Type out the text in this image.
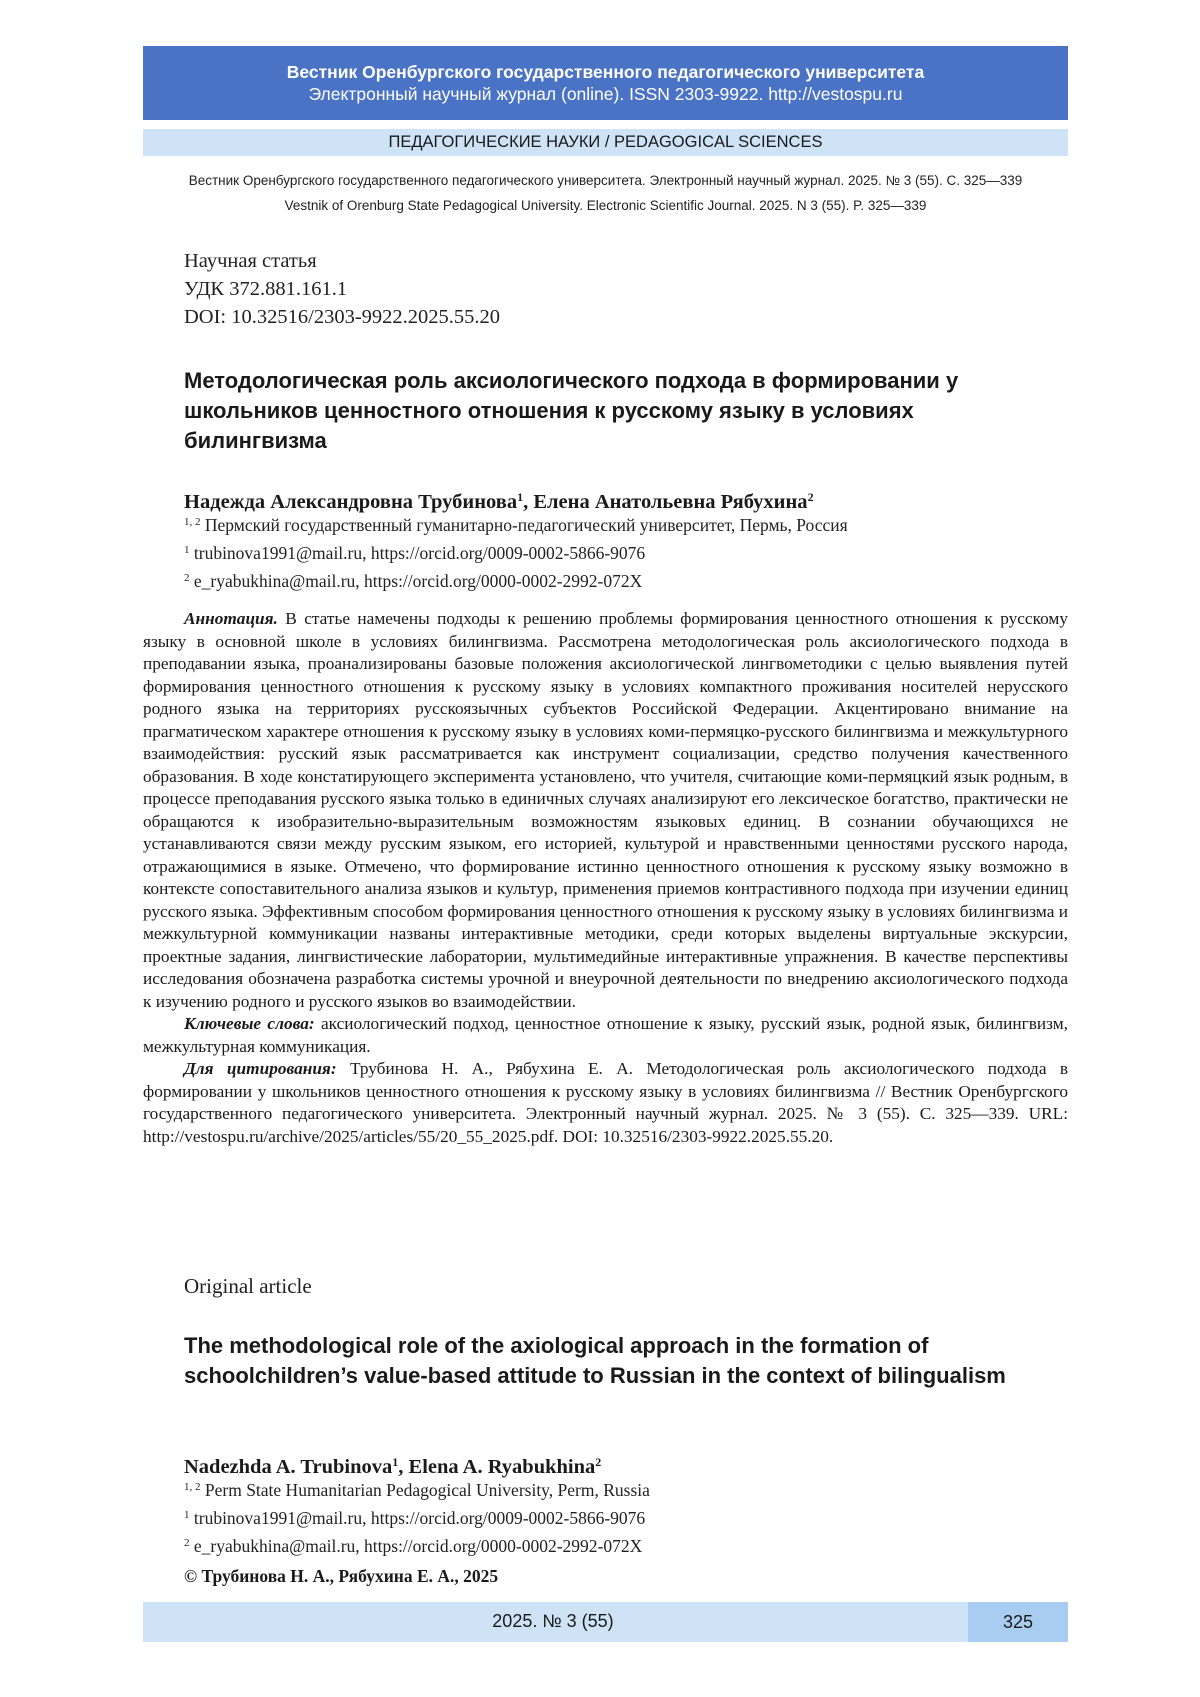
Вестник Оренбургского государственного педагогического университета
Электронный научный журнал (online). ISSN 2303-9922. http://vestospu.ru
ПЕДАГОГИЧЕСКИЕ НАУКИ / PEDAGOGICAL SCIENCES
Вестник Оренбургского государственного педагогического университета. Электронный научный журнал. 2025. № 3 (55). С. 325—339
Vestnik of Orenburg State Pedagogical University. Electronic Scientific Journal. 2025. N 3 (55). P. 325—339
Научная статья
УДК 372.881.161.1
DOI: 10.32516/2303-9922.2025.55.20
Методологическая роль аксиологического подхода в формировании у школьников ценностного отношения к русскому языку в условиях билингвизма
Надежда Александровна Трубинова$^1$, Елена Анатольевна Рябухина$^2$
$^{1, 2}$ Пермский государственный гуманитарно-педагогический университет, Пермь, Россия
$^1$ trubinova1991@mail.ru, https://orcid.org/0009-0002-5866-9076
$^2$ e_ryabukhina@mail.ru, https://orcid.org/0000-0002-2992-072X

Аннотация. В статье намечены подходы к решению проблемы формирования ценностного отношения к русскому языку в основной школе в условиях билингвизма. Рассмотрена методологическая роль аксиологического подхода в преподавании языка, проанализированы базовые положения аксиологической лингвометодики с целью выявления путей формирования ценностного отношения к русскому языку в условиях компактного проживания носителей нерусского родного языка на территориях русскоязычных субъектов Российской Федерации. Акцентировано внимание на прагматическом характере отношения к русскому языку в условиях коми-пермяцко-русского билингвизма и межкультурного взаимодействия: русский язык рассматривается как инструмент социализации, средство получения качественного образования. В ходе констатирующего эксперимента установлено, что учителя, считающие коми-пермяцкий язык родным, в процессе преподавания русского языка только в единичных случаях анализируют его лексическое богатство, практически не обращаются к изобразительно-выразительным возможностям языковых единиц. В сознании обучающихся не устанавливаются связи между русским языком, его историей, культурой и нравственными ценностями русского народа, отражающимися в языке. Отмечено, что формирование истинно ценностного отношения к русскому языку возможно в контексте сопоставительного анализа языков и культур, применения приемов контрастивного подхода при изучении единиц русского языка. Эффективным способом формирования ценностного отношения к русскому языку в условиях билингвизма и межкультурной коммуникации названы интерактивные методики, среди которых выделены виртуальные экскурсии, проектные задания, лингвистические лаборатории, мультимедийные интерактивные упражнения. В качестве перспективы исследования обозначена разработка системы урочной и внеурочной деятельности по внедрению аксиологического подхода к изучению родного и русского языков во взаимодействии.

Ключевые слова: аксиологический подход, ценностное отношение к языку, русский язык, родной язык, билингвизм, межкультурная коммуникация.

Для цитирования: Трубинова Н. А., Рябухина Е. А. Методологическая роль аксиологического подхода в формировании у школьников ценностного отношения к русскому языку в условиях билингвизма // Вестник Оренбургского государственного педагогического университета. Электронный научный журнал. 2025. № 3 (55). С. 325—339. URL: http://vestospu.ru/archive/2025/articles/55/20_55_2025.pdf. DOI: 10.32516/2303-9922.2025.55.20.

Original article
The methodological role of the axiological approach in the formation of schoolchildren’s value-based attitude to Russian in the context of bilingualism
Nadezhda A. Trubinova$^1$, Elena A. Ryabukhina$^2$
$^{1, 2}$ Perm State Humanitarian Pedagogical University, Perm, Russia
$^1$ trubinova1991@mail.ru, https://orcid.org/0009-0002-5866-9076
$^2$ e_ryabukhina@mail.ru, https://orcid.org/0000-0002-2992-072X
© Трубинова Н. А., Рябухина Е. А., 2025
2025. № 3 (55)	325
